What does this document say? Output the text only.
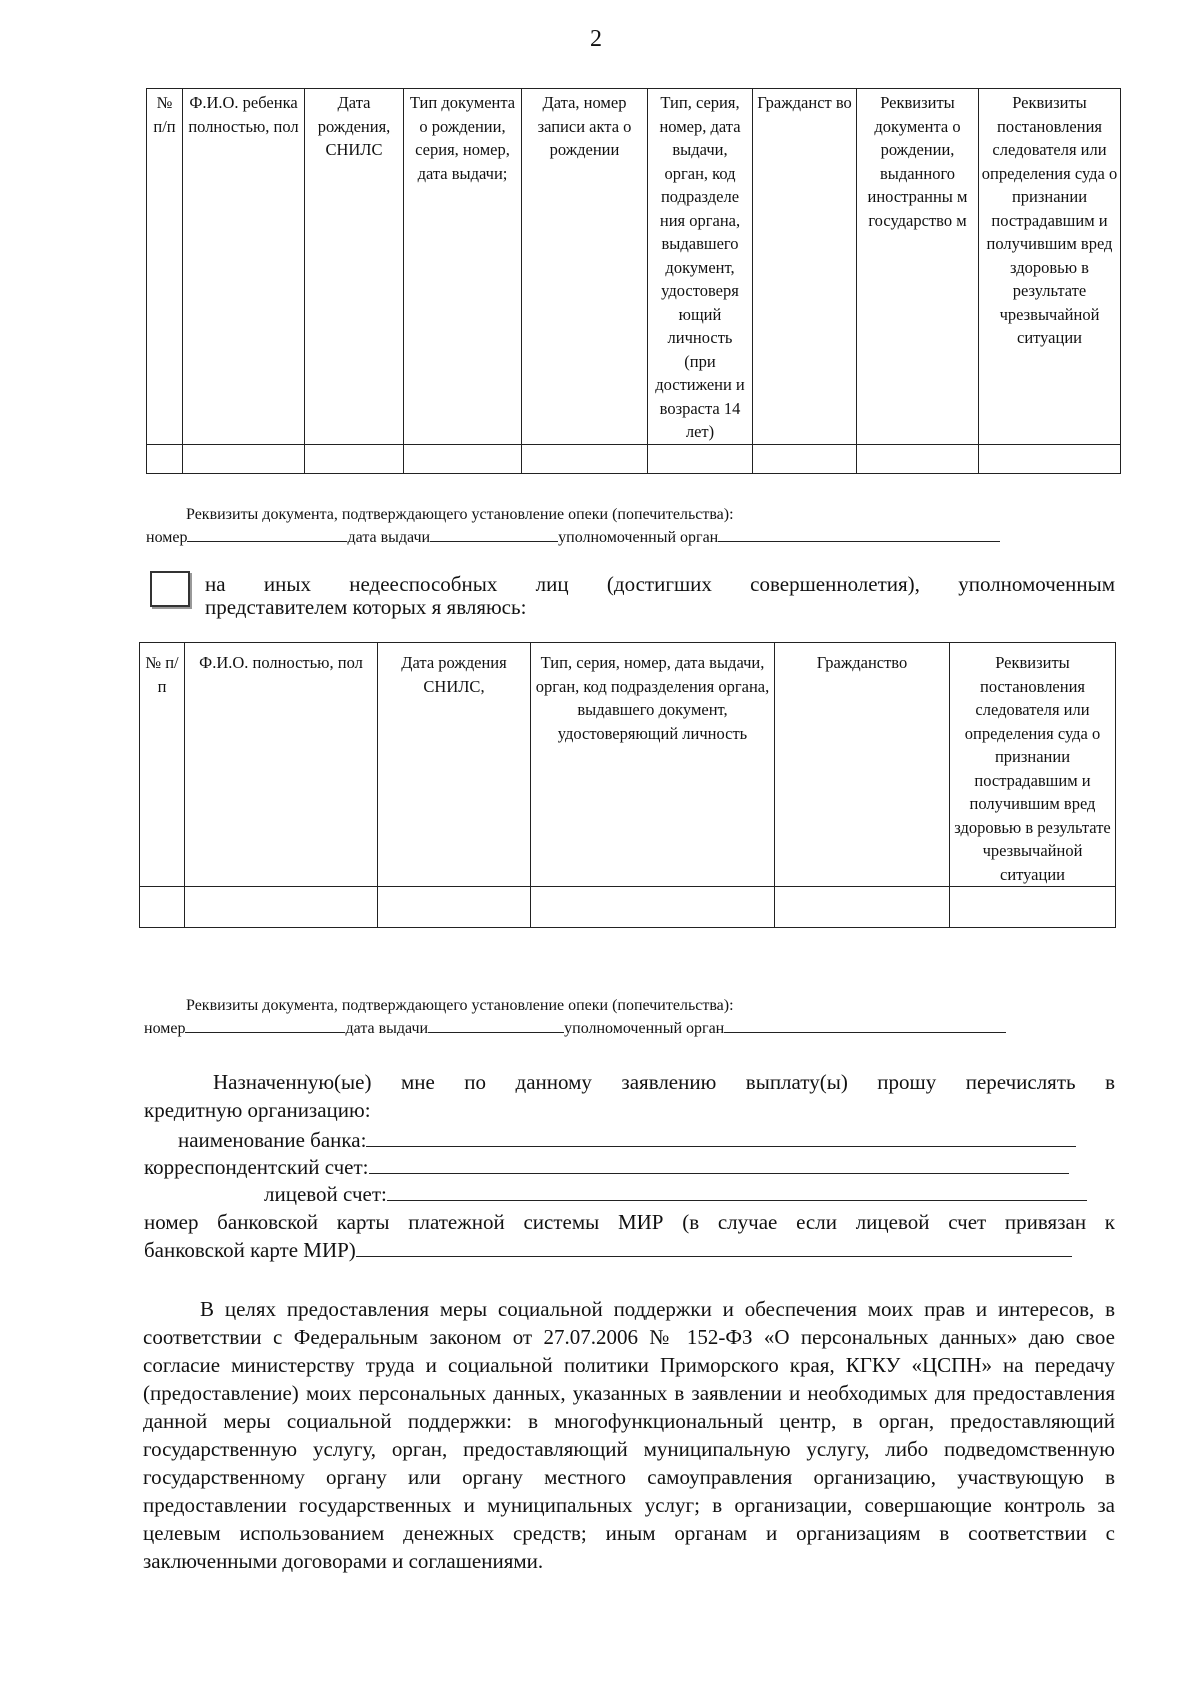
2
№ п/п	Ф.И.О. ребенка полностью, пол	Дата рождения, СНИЛС	Тип документа о рождении, серия, номер, дата выдачи;	Дата, номер записи акта о рождении	Тип, серия, номер, дата выдачи, орган, код подразделе ния органа, выдавшего документ, удостоверя ющий личность (при достижени и возраста 14 лет)	Гражданст во	Реквизиты документа о рождении, выданного иностранны м государство м	Реквизиты постановления следователя или определения суда о признании пострадавшим и получившим вред здоровью в результате чрезвычайной ситуации

Реквизиты документа, подтверждающего установление опеки (попечительства):
номер	дата выдачи	уполномоченный орган
на иных недееспособных лиц (достигших совершеннолетия), уполномоченным
представителем которых я являюсь:
№ п/п	Ф.И.О. полностью, пол	Дата рождения СНИЛС,	Тип, серия, номер, дата выдачи, орган, код подразделения органа, выдавшего документ, удостоверяющий личность	Гражданство	Реквизиты постановления следователя или определения суда о признании пострадавшим и получившим вред здоровью в результате чрезвычайной ситуации

Реквизиты документа, подтверждающего установление опеки (попечительства):
номер	дата выдачи	уполномоченный орган
Назначенную(ые) мне по данному заявлению выплату(ы) прошу перечислять в
кредитную организацию:
наименование банка:
корреспондентский счет:
лицевой счет:
номер банковской карты платежной системы МИР (в случае если лицевой счет привязан к
банковской карте МИР)
В целях предоставления меры социальной поддержки и обеспечения моих прав и интересов, в соответствии с Федеральным законом от 27.07.2006 № 152-ФЗ «О персональных данных» даю свое согласие министерству труда и социальной политики Приморского края, КГКУ «ЦСПН» на передачу (предоставление) моих персональных данных, указанных в заявлении и необходимых для предоставления данной меры социальной поддержки: в многофункциональный центр, в орган, предоставляющий государственную услугу, орган, предоставляющий муниципальную услугу, либо подведомственную государственному органу или органу местного самоуправления организацию, участвующую в предоставлении государственных и муниципальных услуг; в организации, совершающие контроль за целевым использованием денежных средств; иным органам и организациям в соответствии с заключенными договорами и соглашениями.
